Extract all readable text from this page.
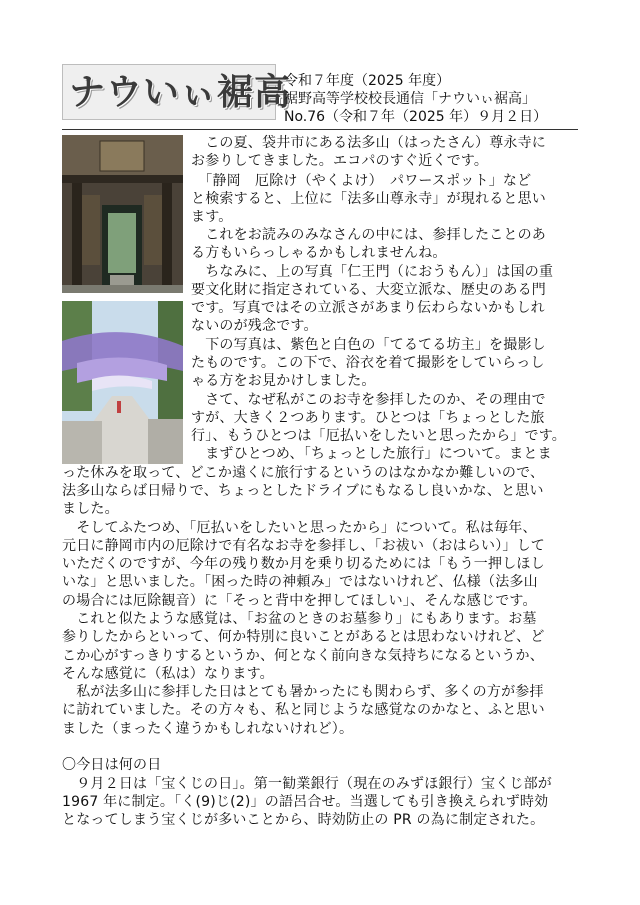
ナウいぃ裾高
令和７年度（2025 年度）
裾野高等学校校長通信「ナウいぃ裾高」
No.76（令和７年（2025 年）９月２日）
　この夏、袋井市にある法多山（はったさん）尊永寺に
お参りしてきました。エコパのすぐ近くです。
　「静岡　厄除け（やくよけ）　パワースポット」など
と検索すると、上位に「法多山尊永寺」が現れると思い
ます。
　これをお読みのみなさんの中には、参拝したことのあ
る方もいらっしゃるかもしれませんね。
　ちなみに、上の写真「仁王門（におうもん）」は国の重
要文化財に指定されている、大変立派な、歴史のある門
です。写真ではその立派さがあまり伝わらないかもしれ
ないのが残念です。
　下の写真は、紫色と白色の「てるてる坊主」を撮影し
たものです。この下で、浴衣を着て撮影をしていらっし
ゃる方をお見かけしました。
　さて、なぜ私がこのお寺を参拝したのか、その理由で
すが、大きく２つあります。ひとつは「ちょっとした旅
行」、もうひとつは「厄払いをしたいと思ったから」です。
　まずひとつめ、「ちょっとした旅行」について。まとま
った休みを取って、どこか遠くに旅行するというのはなかなか難しいので、
法多山ならば日帰りで、ちょっとしたドライブにもなるし良いかな、と思い
ました。
　そしてふたつめ、「厄払いをしたいと思ったから」について。私は毎年、
元日に静岡市内の厄除けで有名なお寺を参拝し、「お祓い（おはらい）」して
いただくのですが、今年の残り数か月を乗り切るためには「もう一押しほし
いな」と思いました。「困った時の神頼み」ではないけれど、仏様（法多山
の場合には厄除観音）に「そっと背中を押してほしい」、そんな感じです。
　これと似たような感覚は、「お盆のときのお墓参り」にもあります。お墓
参りしたからといって、何か特別に良いことがあるとは思わないけれど、ど
こか心がすっきりするというか、何となく前向きな気持ちになるというか、
そんな感覚に（私は）なります。
　私が法多山に参拝した日はとても暑かったにも関わらず、多くの方が参拝
に訪れていました。その方々も、私と同じような感覚なのかなと、ふと思い
ました（まったく違うかもしれないけれど）。
〇今日は何の日
　９月２日は「宝くじの日」。第一勧業銀行（現在のみずほ銀行）宝くじ部が
1967 年に制定。「く(9)じ(2)」の語呂合せ。当選しても引き換えられず時効
となってしまう宝くじが多いことから、時効防止の PR の為に制定された。
